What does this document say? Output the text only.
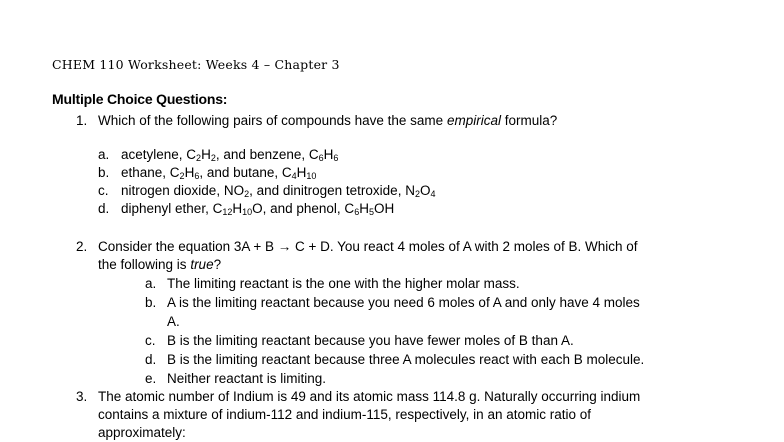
CHEM 110 Worksheet: Weeks 4 – Chapter 3
Multiple Choice Questions:
1. Which of the following pairs of compounds have the same empirical formula?
a. acetylene, $C_2H_2$, and benzene, $C_6H_6$
b. ethane, $C_2H_6$, and butane, $C_4H_{10}$
c. nitrogen dioxide, $NO_2$, and dinitrogen tetroxide, $N_2O_4$
d. diphenyl ether, $C_{12}H_{10}O$, and phenol, $C_6H_5OH$
2. Consider the equation 3A + B → C + D. You react 4 moles of A with 2 moles of B. Which of
the following is true?
a. The limiting reactant is the one with the higher molar mass.
b. A is the limiting reactant because you need 6 moles of A and only have 4 moles
A.
c. B is the limiting reactant because you have fewer moles of B than A.
d. B is the limiting reactant because three A molecules react with each B molecule.
e. Neither reactant is limiting.
3. The atomic number of Indium is 49 and its atomic mass 114.8 g. Naturally occurring indium
contains a mixture of indium-112 and indium-115, respectively, in an atomic ratio of
approximately:
